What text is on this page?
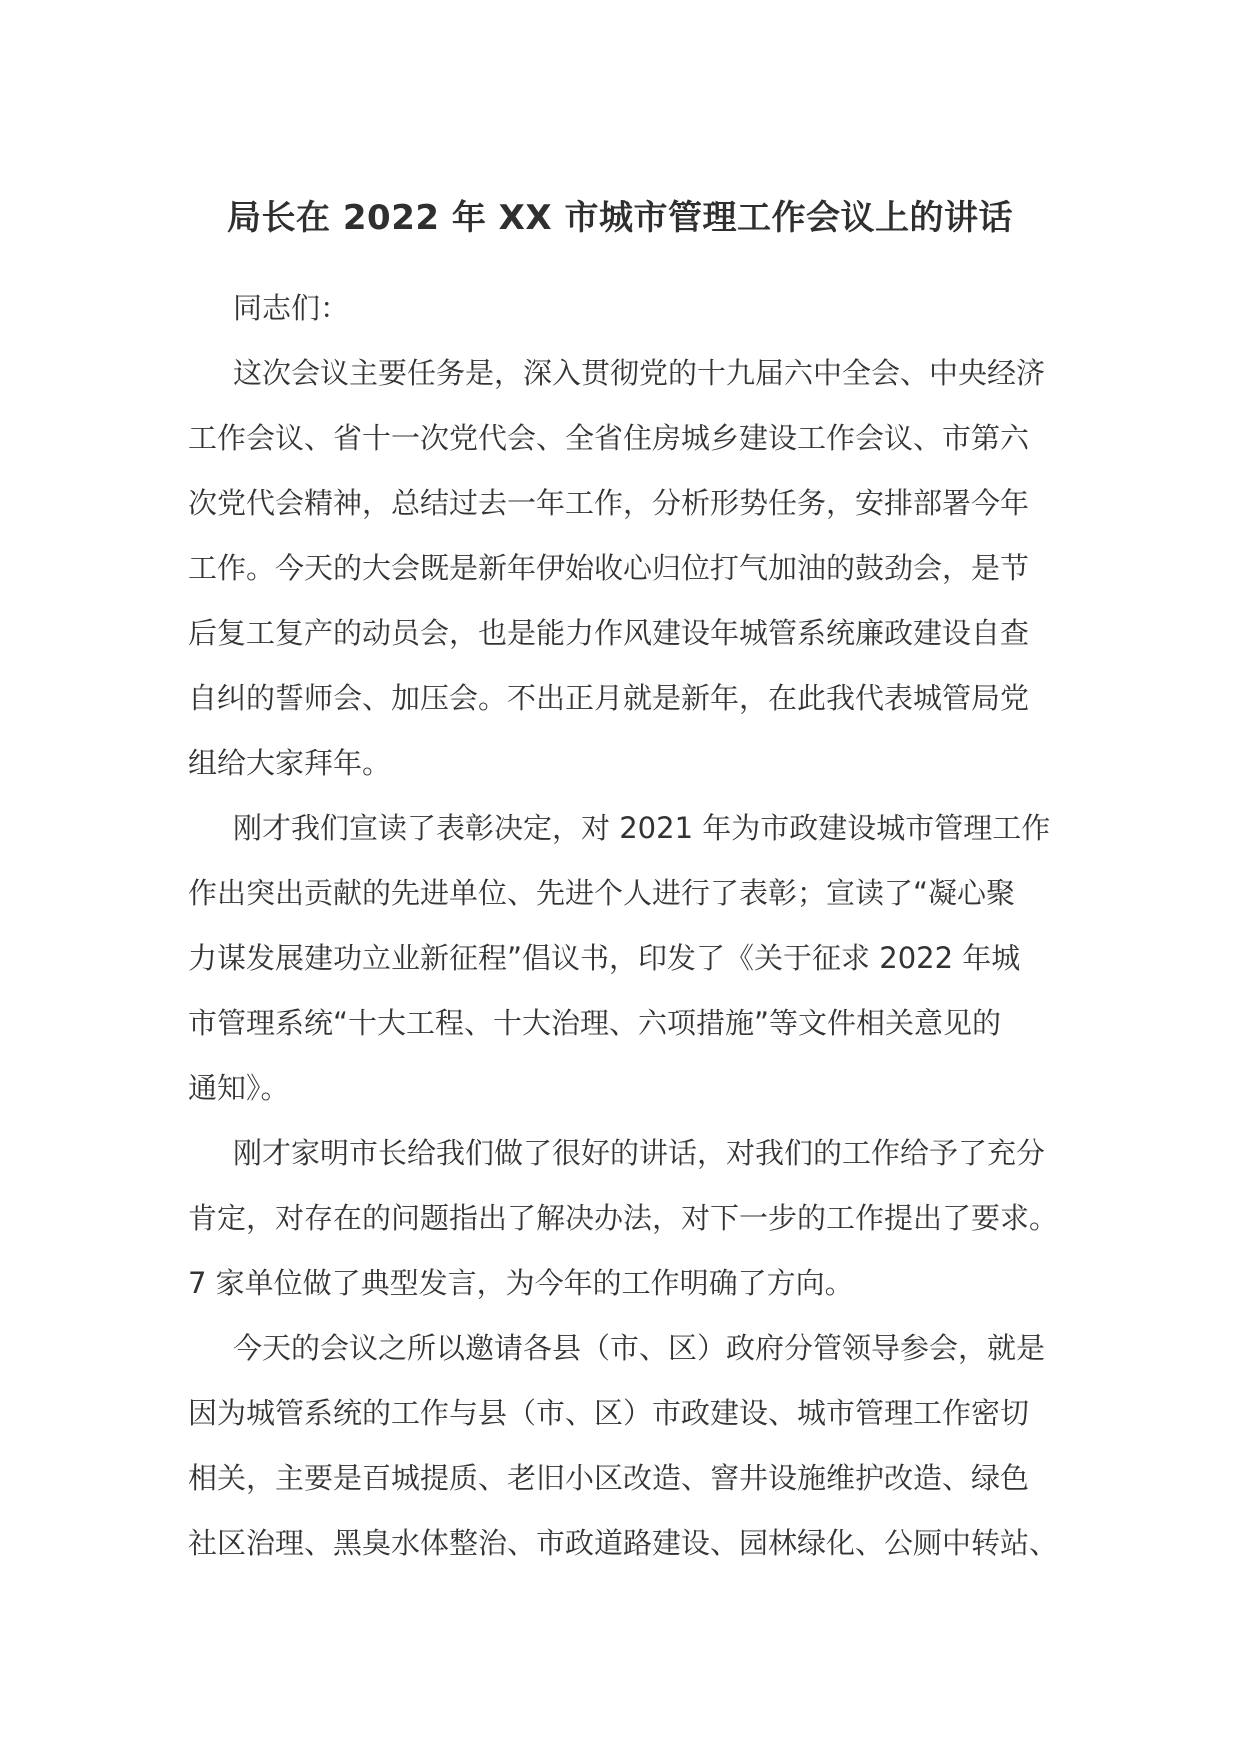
局长在 2022 年 XX 市城市管理工作会议上的讲话
同志们：
这次会议主要任务是，深入贯彻党的十九届六中全会、中央经济
工作会议、省十一次党代会、全省住房城乡建设工作会议、市第六
次党代会精神，总结过去一年工作，分析形势任务，安排部署今年
工作。今天的大会既是新年伊始收心归位打气加油的鼓劲会，是节
后复工复产的动员会，也是能力作风建设年城管系统廉政建设自查
自纠的誓师会、加压会。不出正月就是新年，在此我代表城管局党
组给大家拜年。
刚才我们宣读了表彰决定，对 2021 年为市政建设城市管理工作
作出突出贡献的先进单位、先进个人进行了表彰；宣读了“凝心聚
力谋发展建功立业新征程”倡议书，印发了《关于征求 2022 年城
市管理系统“十大工程、十大治理、六项措施”等文件相关意见的
通知》。
刚才家明市长给我们做了很好的讲话，对我们的工作给予了充分
肯定，对存在的问题指出了解决办法，对下一步的工作提出了要求。
7 家单位做了典型发言，为今年的工作明确了方向。
今天的会议之所以邀请各县（市、区）政府分管领导参会，就是
因为城管系统的工作与县（市、区）市政建设、城市管理工作密切
相关，主要是百城提质、老旧小区改造、窨井设施维护改造、绿色
社区治理、黑臭水体整治、市政道路建设、园林绿化、公厕中转站、
